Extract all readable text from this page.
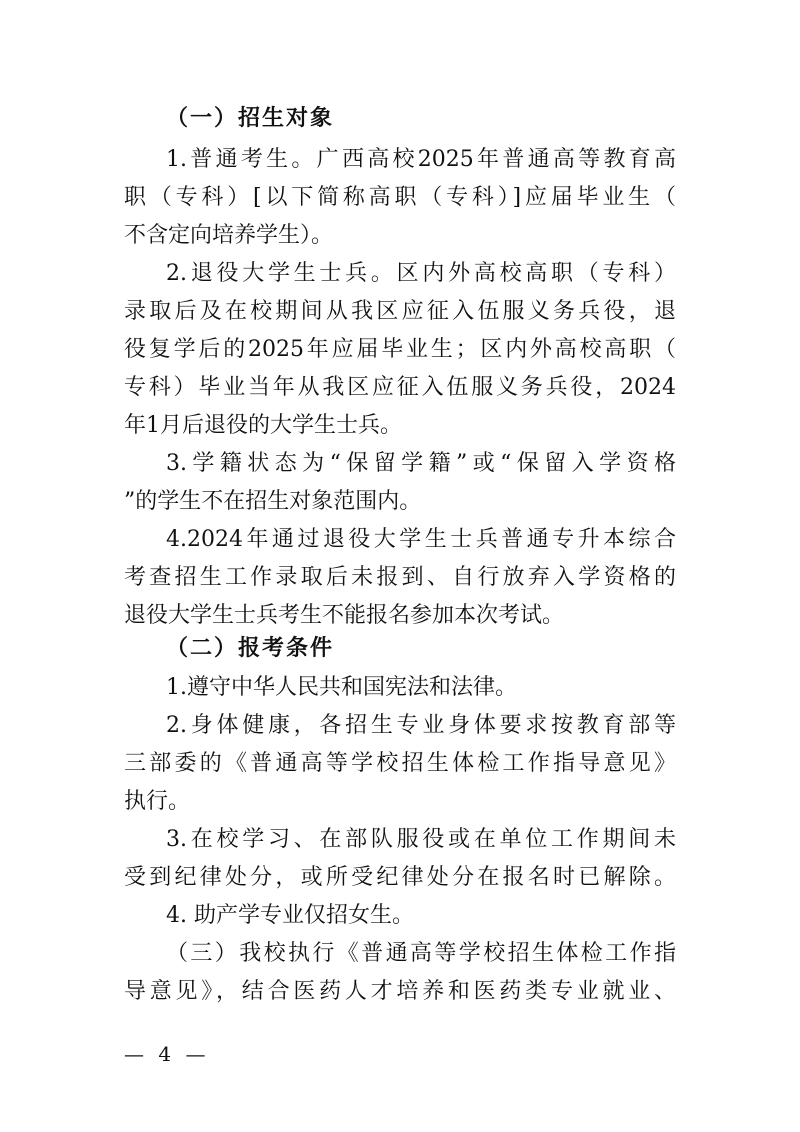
（一）招生对象
1.普通考生。广西高校2025年普通高等教育高
职（专科）[以下简称高职（专科）]应届毕业生（
不含定向培养学生）。
2.退役大学生士兵。区内外高校高职（专科）
录取后及在校期间从我区应征入伍服义务兵役，退
役复学后的2025年应届毕业生；区内外高校高职（
专科）毕业当年从我区应征入伍服义务兵役，2024
年1月后退役的大学生士兵。
3.学籍状态为“保留学籍”或“保留入学资格
”的学生不在招生对象范围内。
4.2024年通过退役大学生士兵普通专升本综合
考查招生工作录取后未报到、自行放弃入学资格的
退役大学生士兵考生不能报名参加本次考试。
（二）报考条件
1.遵守中华人民共和国宪法和法律。
2.身体健康，各招生专业身体要求按教育部等
三部委的《普通高等学校招生体检工作指导意见》
执行。
3.在校学习、在部队服役或在单位工作期间未
受到纪律处分，或所受纪律处分在报名时已解除。
4. 助产学专业仅招女生。
（三）我校执行《普通高等学校招生体检工作指
导意见》，结合医药人才培养和医药类专业就业、
— 4 —
